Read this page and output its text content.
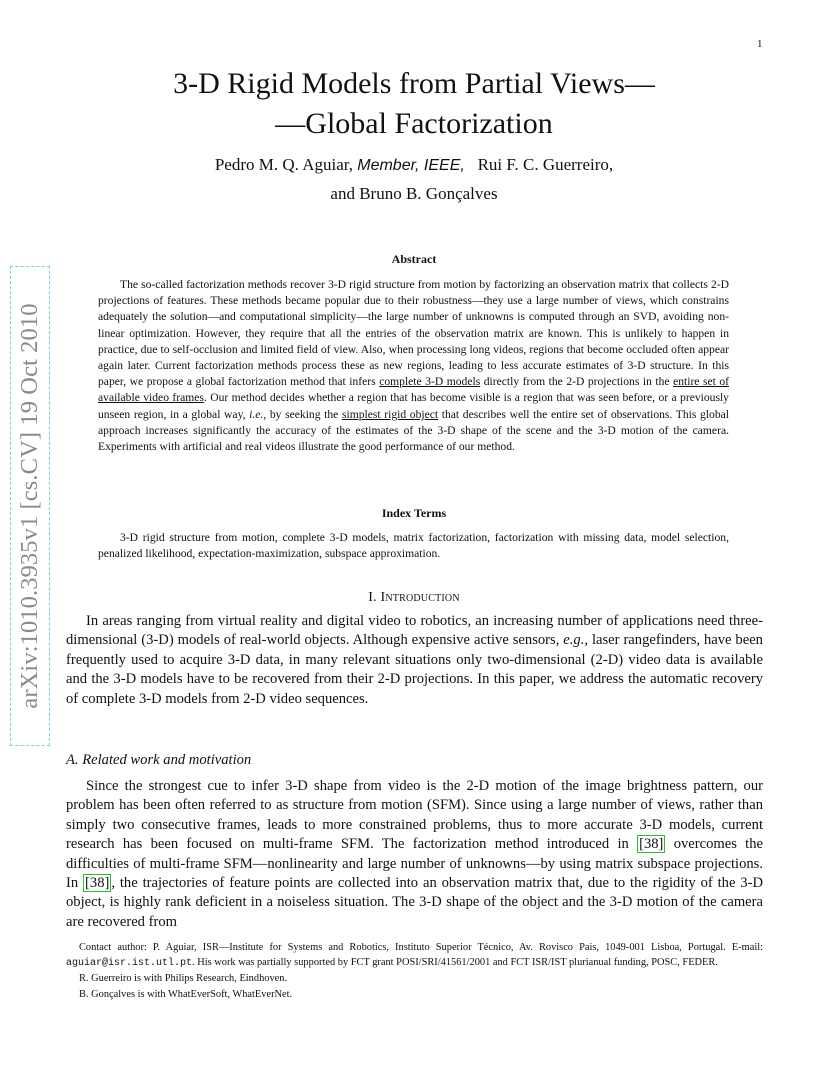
1
arXiv:1010.3935v1 [cs.CV] 19 Oct 2010
3-D Rigid Models from Partial Views—
—Global Factorization
Pedro M. Q. Aguiar, Member, IEEE, Rui F. C. Guerreiro,
and Bruno B. Gonçalves
Abstract

The so-called factorization methods recover 3-D rigid structure from motion by factorizing an observation matrix that collects 2-D projections of features. These methods became popular due to their robustness—they use a large number of views, which constrains adequately the solution—and computational simplicity—the large number of unknowns is computed through an SVD, avoiding non-linear optimization. However, they require that all the entries of the observation matrix are known. This is unlikely to happen in practice, due to self-occlusion and limited field of view. Also, when processing long videos, regions that become occluded often appear again later. Current factorization methods process these as new regions, leading to less accurate estimates of 3-D structure. In this paper, we propose a global factorization method that infers complete 3-D models directly from the 2-D projections in the entire set of available video frames. Our method decides whether a region that has become visible is a region that was seen before, or a previously unseen region, in a global way, i.e., by seeking the simplest rigid object that describes well the entire set of observations. This global approach increases significantly the accuracy of the estimates of the 3-D shape of the scene and the 3-D motion of the camera. Experiments with artificial and real videos illustrate the good performance of our method.

Index Terms

3-D rigid structure from motion, complete 3-D models, matrix factorization, factorization with missing data, model selection, penalized likelihood, expectation-maximization, subspace approximation.

I. Introduction

In areas ranging from virtual reality and digital video to robotics, an increasing number of applications need three-dimensional (3-D) models of real-world objects. Although expensive active sensors, e.g., laser rangefinders, have been frequently used to acquire 3-D data, in many relevant situations only two-dimensional (2-D) video data is available and the 3-D models have to be recovered from their 2-D projections. In this paper, we address the automatic recovery of complete 3-D models from 2-D video sequences.

A. Related work and motivation

Since the strongest cue to infer 3-D shape from video is the 2-D motion of the image brightness pattern, our problem has been often referred to as structure from motion (SFM). Since using a large number of views, rather than simply two consecutive frames, leads to more constrained problems, thus to more accurate 3-D models, current research has been focused on multi-frame SFM. The factorization method introduced in [38] overcomes the difficulties of multi-frame SFM—nonlinearity and large number of unknowns—by using matrix subspace projections. In [38] , the trajectories of feature points are collected into an observation matrix that, due to the rigidity of the 3-D object, is highly rank deficient in a noiseless situation. The 3-D shape of the object and the 3-D motion of the camera are recovered from

Contact author: P. Aguiar, ISR—Institute for Systems and Robotics, Instituto Superior Técnico, Av. Rovisco Pais, 1049-001 Lisboa, Portugal. E-mail: aguiar@isr.ist.utl.pt. His work was partially supported by FCT grant POSI/SRI/41561/2001 and FCT ISR/IST plurianual funding, POSC, FEDER.

R. Guerreiro is with Philips Research, Eindhoven.

B. Gonçalves is with WhatEverSoft, WhatEverNet.
